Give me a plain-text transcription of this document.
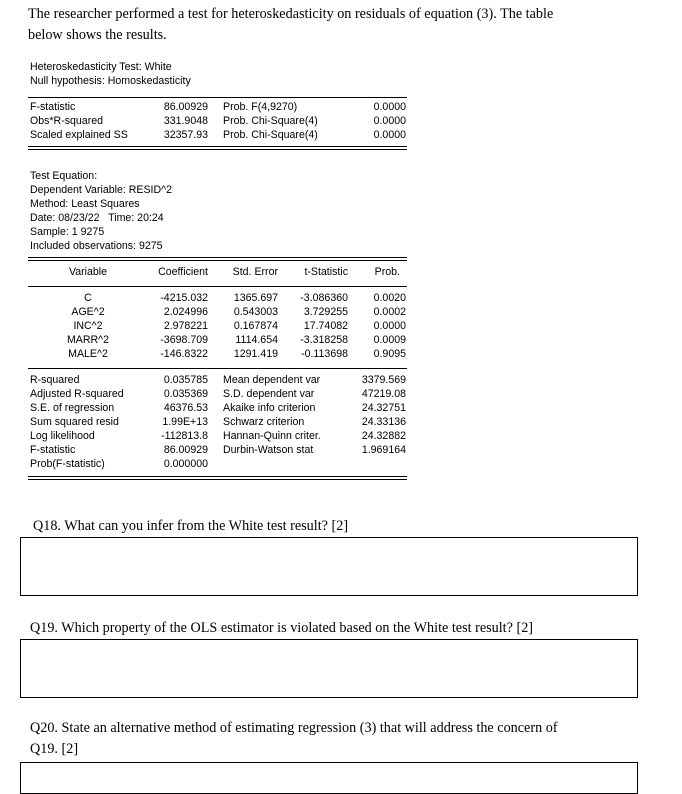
The researcher performed a test for heteroskedasticity on residuals of equation (3). The table
below shows the results.
Heteroskedasticity Test: White
Null hypothesis: Homoskedasticity
F-statistic	86.00929 Prob. F(4,9270)	0.0000
Obs*R-squared	331.9048 Prob. Chi-Square(4)	0.0000
Scaled explained SS	32357.93 Prob. Chi-Square(4)	0.0000
Test Equation:
Dependent Variable: RESID^2
Method: Least Squares
Date: 08/23/22   Time: 20:24
Sample: 1 9275
Included observations: 9275
Variable	Coefficient	Std. Error	t-Statistic	Prob.
C	-4215.032	1365.697	-3.086360	0.0020
AGE^2	2.024996	0.543003	3.729255	0.0002
INC^2	2.978221	0.167874	17.74082	0.0000
MARR^2	-3698.709	1114.654	-3.318258	0.0009
MALE^2	-146.8322	1291.419	-0.113698	0.9095
R-squared	0.035785 Mean dependent var	3379.569
Adjusted R-squared	0.035369 S.D. dependent var	47219.08
S.E. of regression	46376.53 Akaike info criterion	24.32751
Sum squared resid	1.99E+13 Schwarz criterion	24.33136
Log likelihood	-112813.8 Hannan-Quinn criter.	24.32882
F-statistic	86.00929 Durbin-Watson stat	1.969164
Prob(F-statistic)	0.000000
Q18. What can you infer from the White test result? [2]
Q19. Which property of the OLS estimator is violated based on the White test result? [2]
Q20. State an alternative method of estimating regression (3) that will address the concern of
Q19. [2]
